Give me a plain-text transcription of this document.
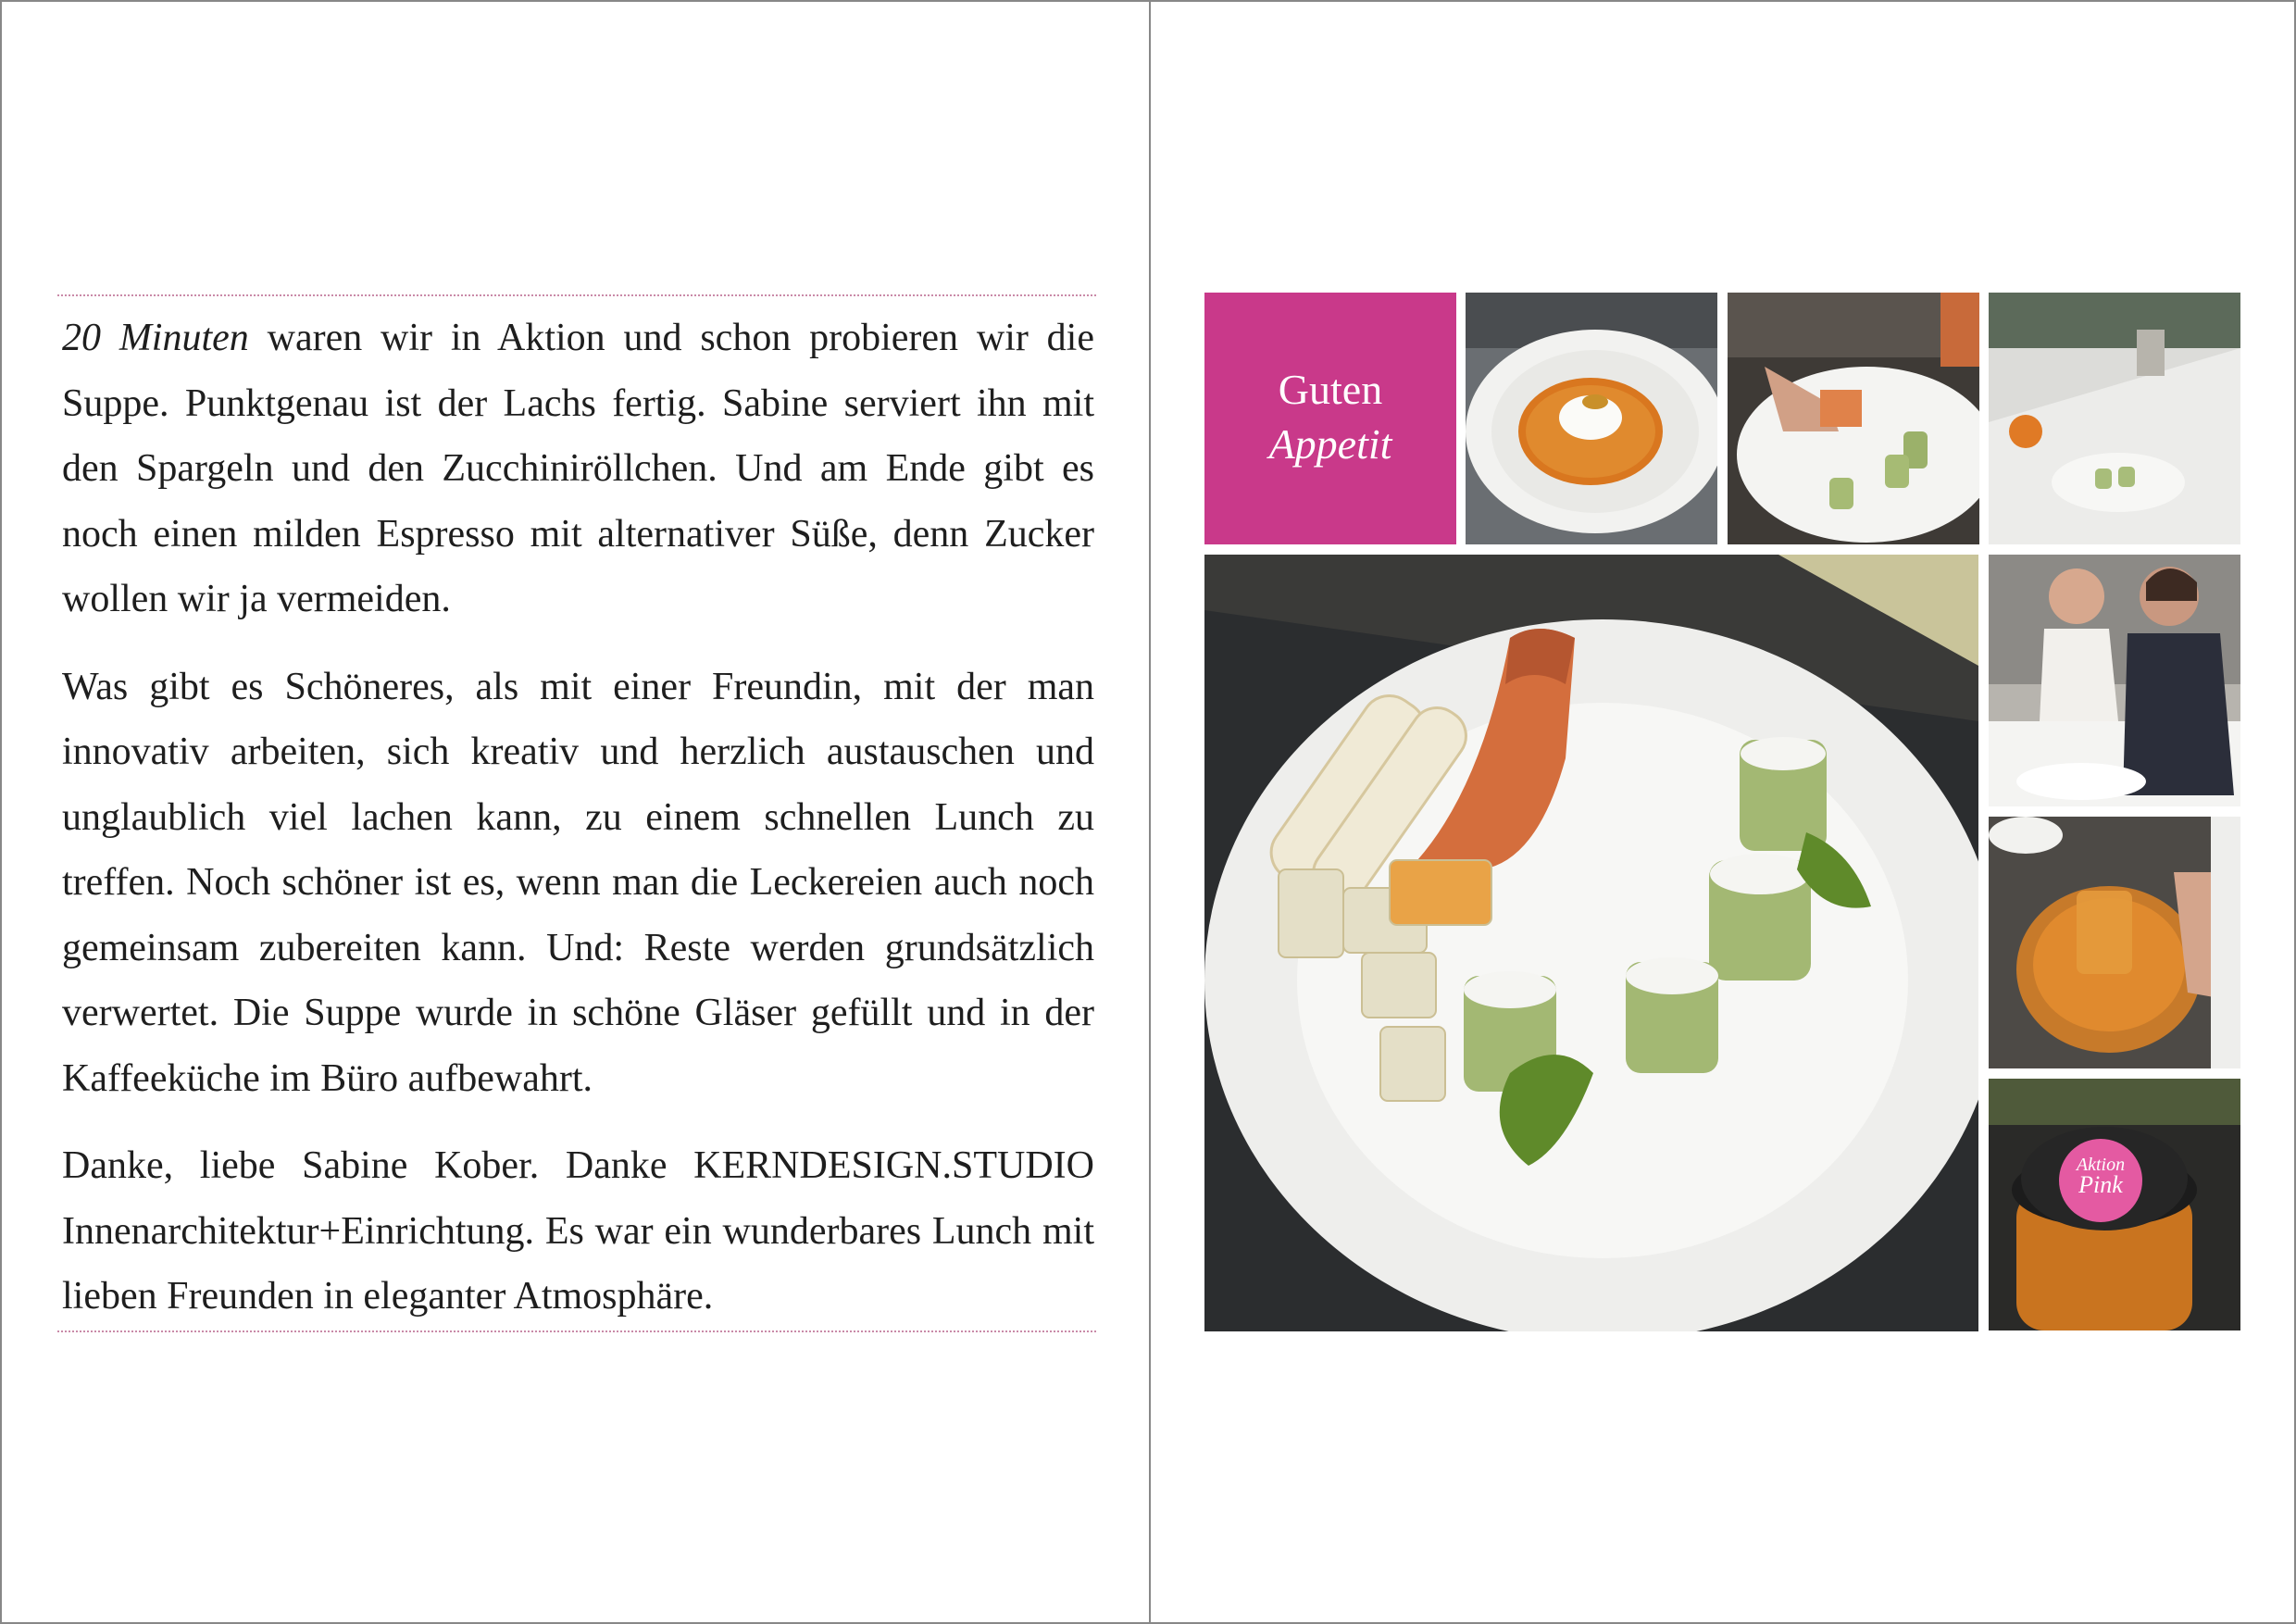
20 Minuten waren wir in Aktion und schon probieren wir die Suppe. Punktgenau ist der Lachs fertig. Sabine serviert ihn mit den Spargeln und den Zucchiniröllchen. Und am Ende gibt es noch einen milden Espresso mit alternativer Süße, denn Zucker wollen wir ja vermeiden.

Was gibt es Schöneres, als mit einer Freundin, mit der man innovativ arbeiten, sich kreativ und herzlich austauschen und unglaublich viel lachen kann, zu einem schnellen Lunch zu treffen. Noch schöner ist es, wenn man die Leckereien auch noch gemeinsam zubereiten kann. Und: Reste werden grundsätzlich verwertet. Die Suppe wurde in schöne Gläser gefüllt und in der Kaffeeküche im Büro aufbewahrt.

Danke, liebe Sabine Kober. Danke KERNDESIGN.STUDIO Innenarchitektur+Einrichtung. Es war ein wunderbares Lunch mit lieben Freunden in eleganter Atmosphäre.

Guten
Appetit
Aktion
Pink
